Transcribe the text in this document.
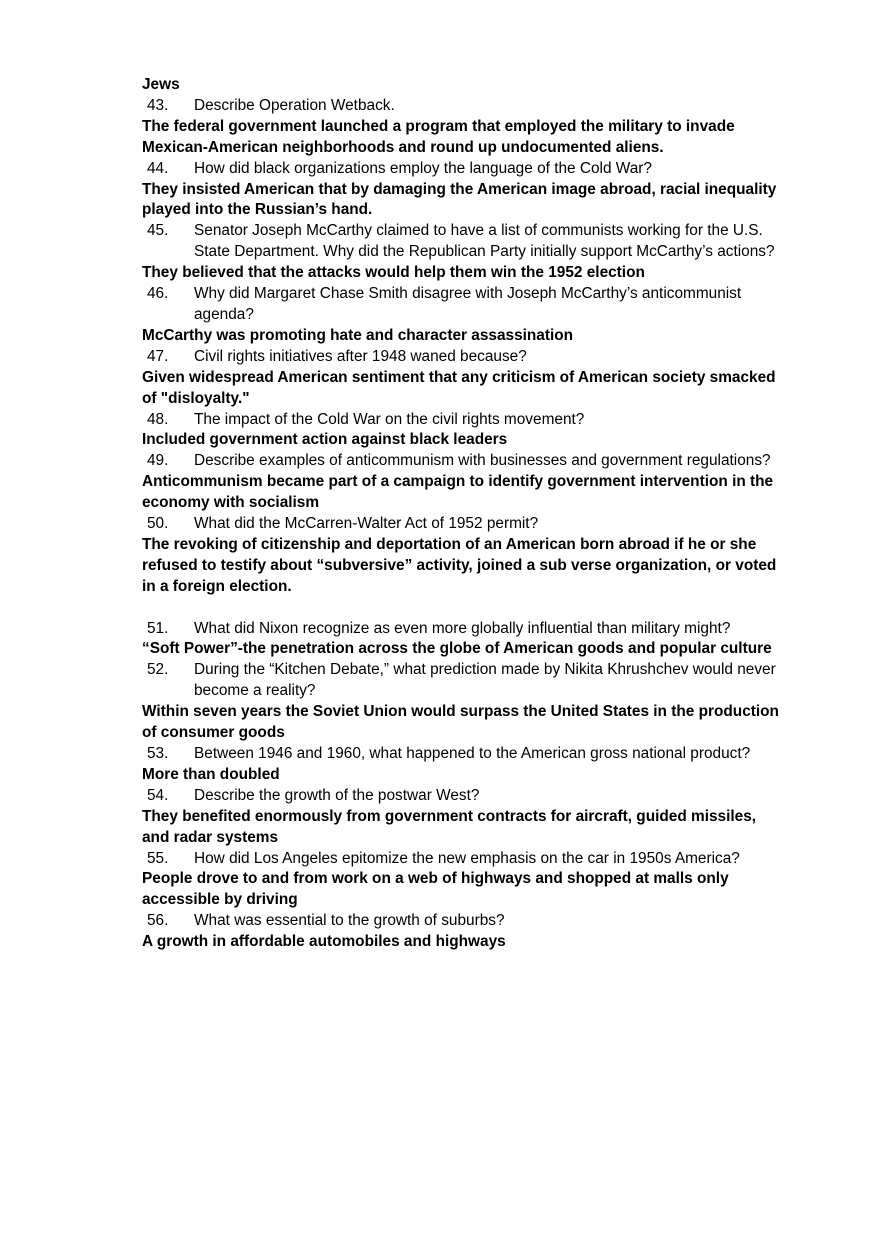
Jews
43. Describe Operation Wetback.
The federal government launched a program that employed the military to invade Mexican-American neighborhoods and round up undocumented aliens.
44. How did black organizations employ the language of the Cold War?
They insisted American that by damaging the American image abroad, racial inequality played into the Russian’s hand.
45. Senator Joseph McCarthy claimed to have a list of communists working for the U.S. State Department. Why did the Republican Party initially support McCarthy’s actions?
They believed that the attacks would help them win the 1952 election
46. Why did Margaret Chase Smith disagree with Joseph McCarthy’s anticommunist agenda?
McCarthy was promoting hate and character assassination
47. Civil rights initiatives after 1948 waned because?
Given widespread American sentiment that any criticism of American society smacked of "disloyalty."
48. The impact of the Cold War on the civil rights movement?
Included government action against black leaders
49. Describe examples of anticommunism with businesses and government regulations?
Anticommunism became part of a campaign to identify government intervention in the economy with socialism
50. What did the McCarren-Walter Act of 1952 permit?
The revoking of citizenship and deportation of an American born abroad if he or she refused to testify about “subversive” activity, joined a sub verse organization, or voted in a foreign election.
51. What did Nixon recognize as even more globally influential than military might?
“Soft Power”-the penetration across the globe of American goods and popular culture
52. During the “Kitchen Debate,” what prediction made by Nikita Khrushchev would never become a reality?
Within seven years the Soviet Union would surpass the United States in the production of consumer goods
53. Between 1946 and 1960, what happened to the American gross national product?
More than doubled
54. Describe the growth of the postwar West?
They benefited enormously from government contracts for aircraft, guided missiles, and radar systems
55. How did Los Angeles epitomize the new emphasis on the car in 1950s America?
People drove to and from work on a web of highways and shopped at malls only accessible by driving
56. What was essential to the growth of suburbs?
A growth in affordable automobiles and highways
